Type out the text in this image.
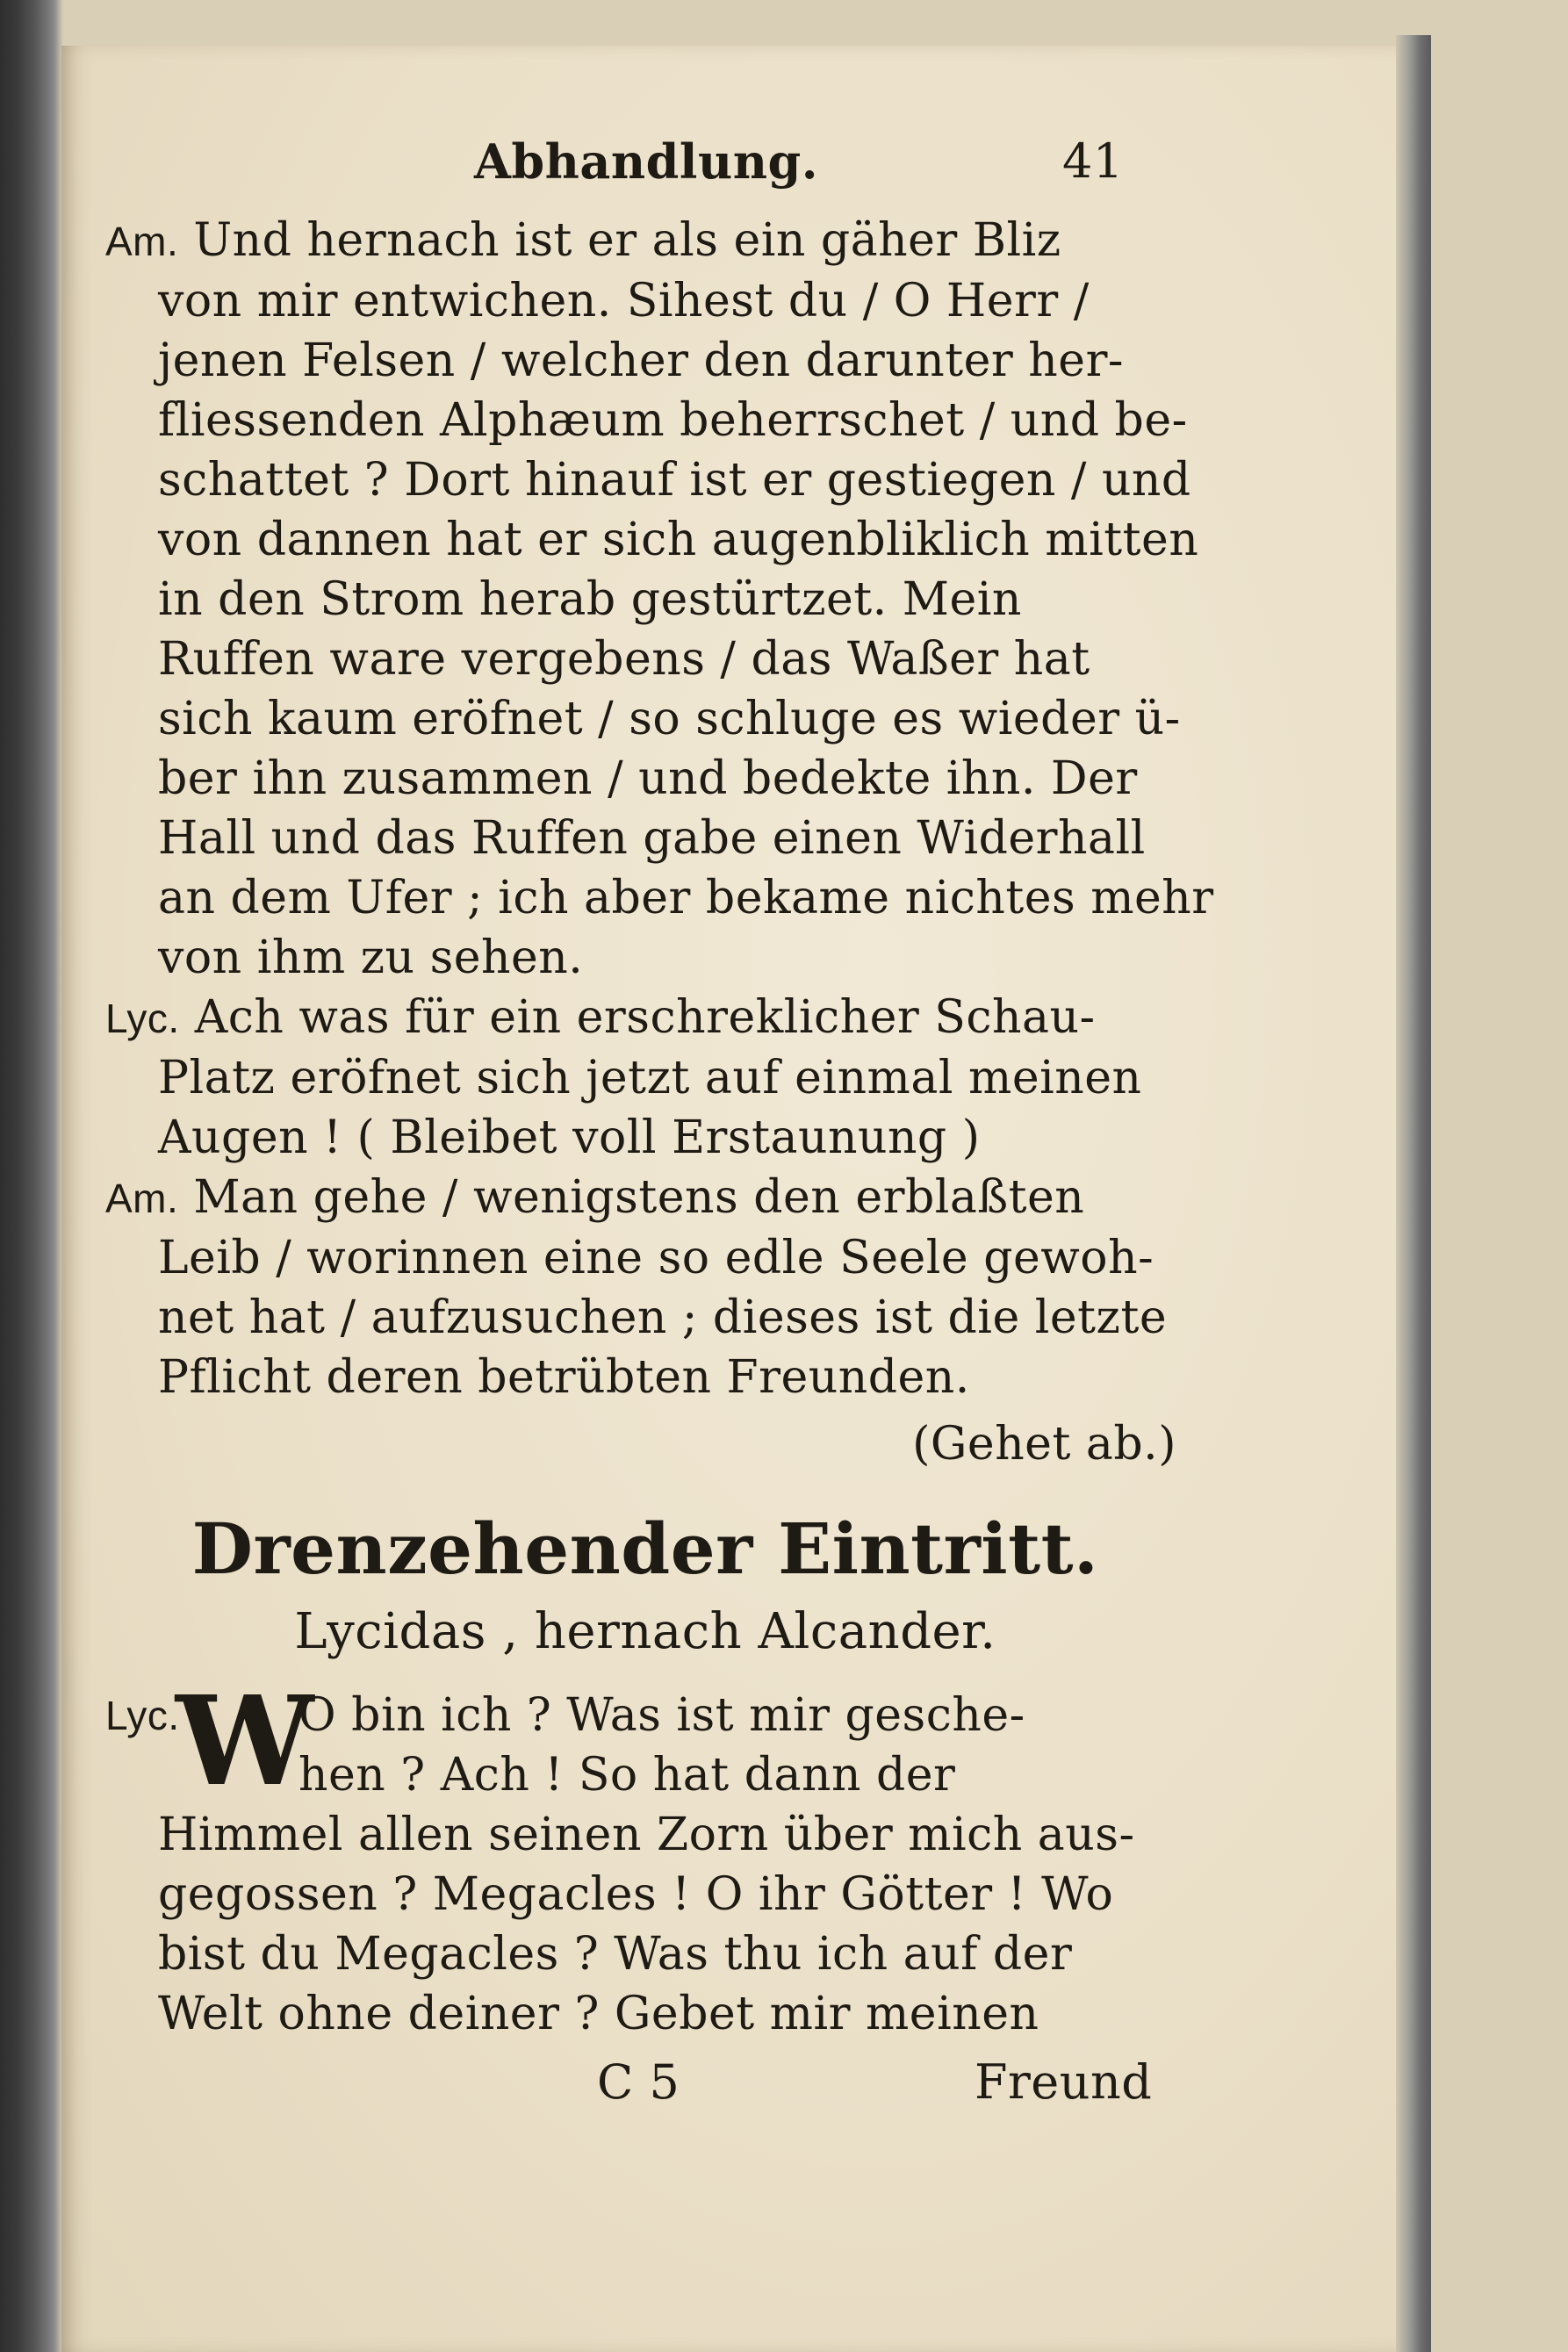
Abhandlung.	41
Am. Und hernach ist er als ein gäher Bliz
von mir entwichen. Sihest du / O Herr /
jenen Felsen / welcher den darunter her-
fliessenden Alphæum beherrschet / und be-
schattet ? Dort hinauf ist er gestiegen / und
von dannen hat er sich augenbliklich mitten
in den Strom herab gestürtzet. Mein
Ruffen ware vergebens / das Waßer hat
sich kaum eröfnet / so schluge es wieder ü-
ber ihn zusammen / und bedekte ihn. Der
Hall und das Ruffen gabe einen Widerhall
an dem Ufer ; ich aber bekame nichtes mehr
von ihm zu sehen.
Lyc. Ach was für ein erschreklicher Schau-
Platz eröfnet sich jetzt auf einmal meinen
Augen ! ( Bleibet voll Erstaunung )
Am. Man gehe / wenigstens den erblaßten
Leib / worinnen eine so edle Seele gewoh-
net hat / aufzusuchen ; dieses ist die letzte
Pflicht deren betrübten Freunden.
(Gehet ab.)
Drenzehender Eintritt.
Lycidas , hernach Alcander.
Lyc.
W
O bin ich ? Was ist mir gesche-
hen ? Ach ! So hat dann der
Himmel allen seinen Zorn über mich aus-
gegossen ? Megacles ! O ihr Götter ! Wo
bist du Megacles ? Was thu ich auf der
Welt ohne deiner ? Gebet mir meinen
C 5	Freund
